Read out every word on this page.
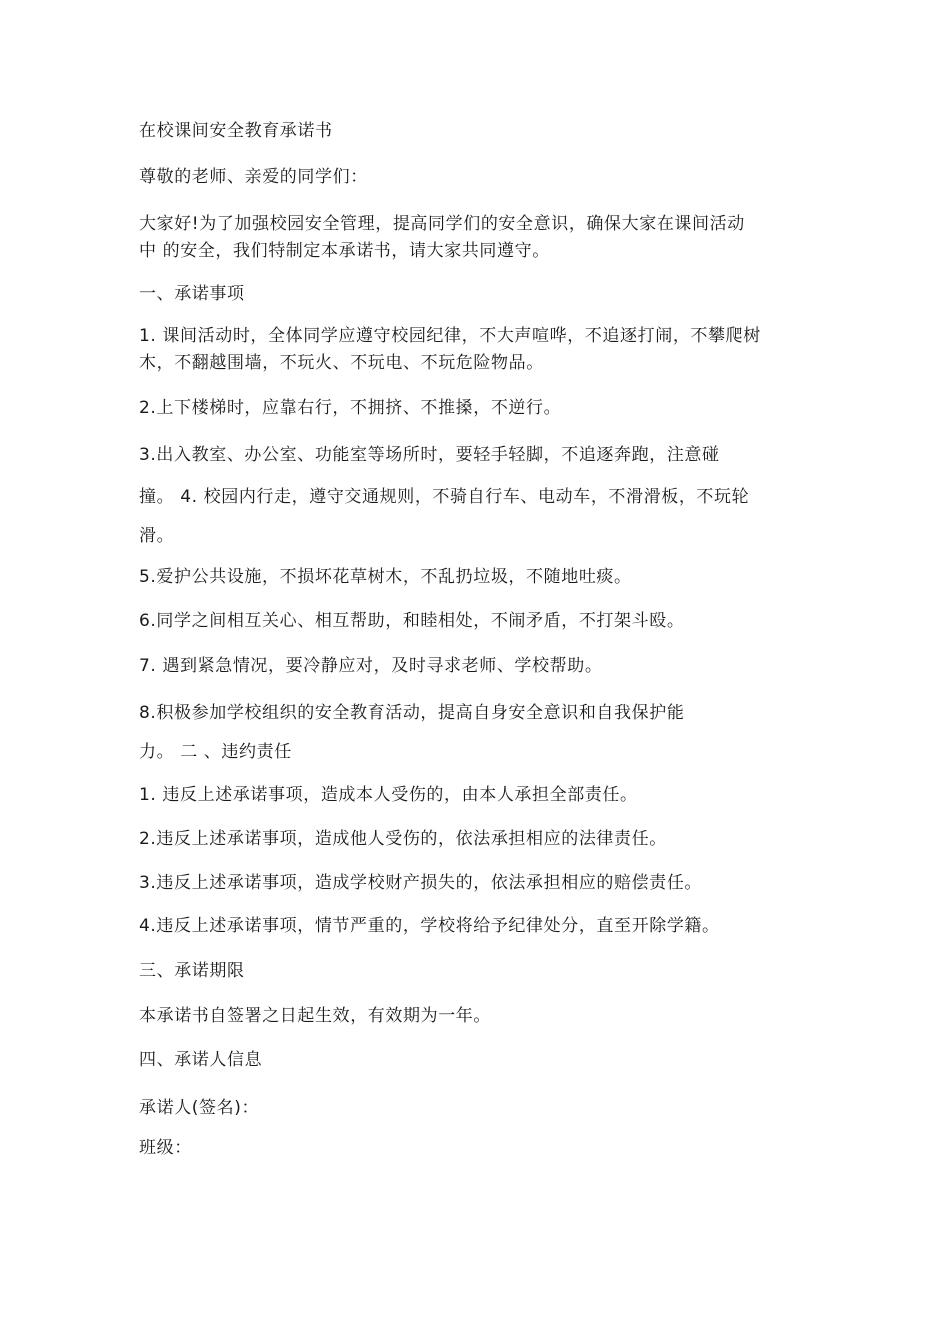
在校课间安全教育承诺书
尊敬的老师、亲爱的同学们：
大家好!为了加强校园安全管理，提高同学们的安全意识，确保大家在课间活动
中 的安全，我们特制定本承诺书，请大家共同遵守。
一、承诺事项
1. 课间活动时，全体同学应遵守校园纪律，不大声喧哗，不追逐打闹，不攀爬树
木，不翻越围墙，不玩火、不玩电、不玩危险物品。
2.上下楼梯时，应靠右行，不拥挤、不推搡，不逆行。
3.出入教室、办公室、功能室等场所时，要轻手轻脚，不追逐奔跑，注意碰
撞。 4. 校园内行走，遵守交通规则，不骑自行车、电动车，不滑滑板，不玩轮
滑。
5.爱护公共设施，不损坏花草树木，不乱扔垃圾，不随地吐痰。
6.同学之间相互关心、相互帮助，和睦相处，不闹矛盾，不打架斗殴。
7. 遇到紧急情况，要冷静应对，及时寻求老师、学校帮助。
8.积极参加学校组织的安全教育活动，提高自身安全意识和自我保护能
力。 二 、违约责任
1. 违反上述承诺事项，造成本人受伤的，由本人承担全部责任。
2.违反上述承诺事项，造成他人受伤的，依法承担相应的法律责任。
3.违反上述承诺事项，造成学校财产损失的，依法承担相应的赔偿责任。
4.违反上述承诺事项，情节严重的，学校将给予纪律处分，直至开除学籍。
三、承诺期限
本承诺书自签署之日起生效，有效期为一年。
四、承诺人信息
承诺人(签名)：
班级：
